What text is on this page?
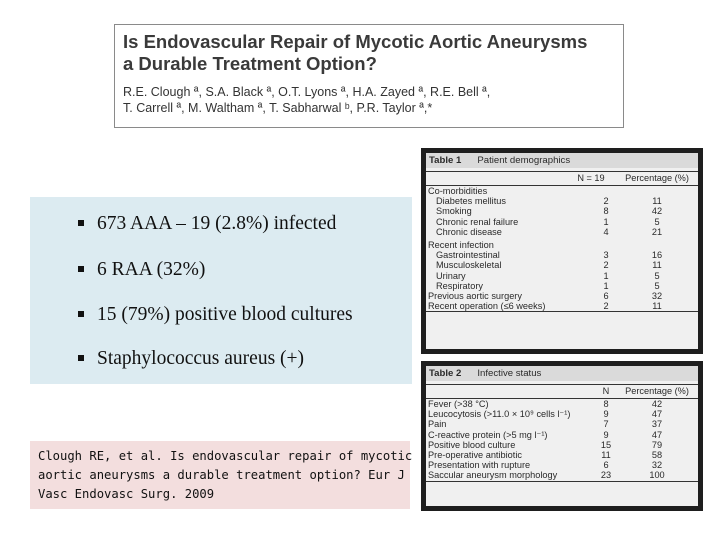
Is Endovascular Repair of Mycotic Aortic Aneurysms
a Durable Treatment Option?
R.E. Clough ª, S.A. Black ª, O.T. Lyons ª, H.A. Zayed ª, R.E. Bell ª,
T. Carrell ª, M. Waltham ª, T. Sabharwal ᵇ, P.R. Taylor ª,*
673 AAA – 19 (2.8%) infected
6 RAA (32%)
15 (79%) positive blood cultures
Staphylococcus aureus (+)

Clough RE, et al. Is endovascular repair of mycotic
aortic aneurysms a durable treatment option? Eur J
Vasc Endovasc Surg. 2009

Table 1 Patient demographics
N = 19	Percentage (%)
Co-morbidities
Diabetes mellitus	2	11
Smoking	8	42
Chronic renal failure	1	5
Chronic disease	4	21
Recent infection
Gastrointestinal	3	16
Musculoskeletal	2	11
Urinary	1	5
Respiratory	1	5
Previous aortic surgery	6	32
Recent operation (≤6 weeks)	2	11
Table 2 Infective status
N	Percentage (%)
Fever (>38 °C)	8	42
Leucocytosis (>11.0 × 10⁹ cells l⁻¹)	9	47
Pain	7	37
C-reactive protein (>5 mg l⁻¹)	9	47
Positive blood culture	15	79
Pre-operative antibiotic	11	58
Presentation with rupture	6	32
Saccular aneurysm morphology	23	100
